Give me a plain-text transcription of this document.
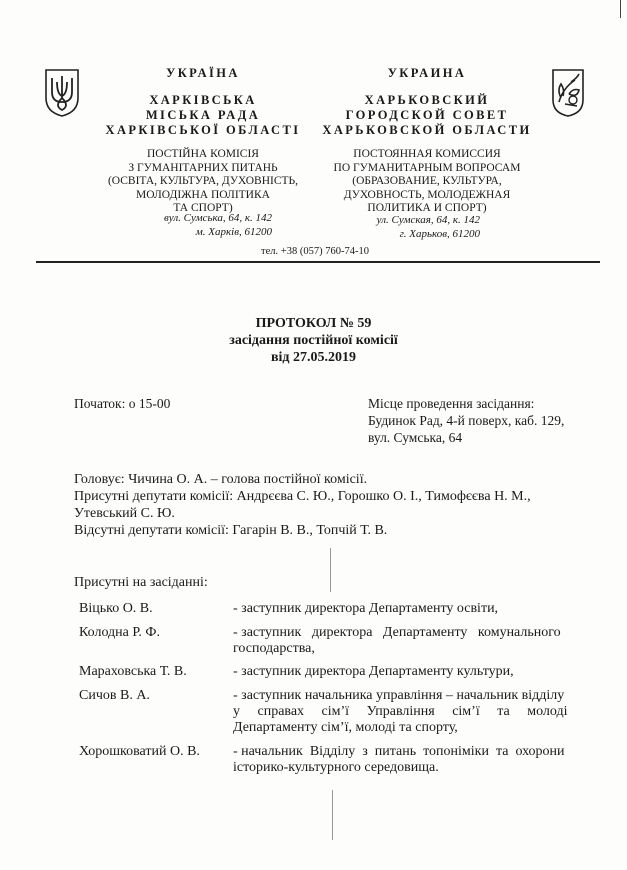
УКРАЇНА
ХАРКІВСЬКА
МІСЬКА РАДА
ХАРКІВСЬКОЇ ОБЛАСТІ
ПОСТІЙНА КОМІСІЯ
З ГУМАНІТАРНИХ ПИТАНЬ
(ОСВІТА, КУЛЬТУРА, ДУХОВНІСТЬ,
МОЛОДІЖНА ПОЛІТИКА
ТА СПОРТ)
вул. Сумська, 64, к. 142
м. Харків, 61200
УКРАИНА
ХАРЬКОВСКИЙ
ГОРОДСКОЙ СОВЕТ
ХАРЬКОВСКОЙ ОБЛАСТИ
ПОСТОЯННАЯ КОМИССИЯ
ПО ГУМАНИТАРНЫМ ВОПРОСАМ
(ОБРАЗОВАНИЕ, КУЛЬТУРА,
ДУХОВНОСТЬ, МОЛОДЕЖНАЯ
ПОЛИТИКА И СПОРТ)
ул. Сумская, 64, к. 142
г. Харьков, 61200
тел. +38 (057) 760-74-10
ПРОТОКОЛ № 59
засідання постійної комісії
від 27.05.2019
Початок: о 15-00	Місце проведення засідання:
Будинок Рад, 4-й поверх, каб. 129,
вул. Сумська, 64
Головує: Чичина О. А. – голова постійної комісії.
Присутні депутати комісії: Андрєєва С. Ю., Горошко О. І., Тимофєєва Н. М.,
Утевський С. Ю.
Відсутні депутати комісії: Гагарін В. В., Топчій Т. В.
Присутні на засіданні:
Віцько О. В.	- заступник директора Департаменту освіти,
Колодна Р. Ф.	- заступник   директора   Департаменту   комунального
господарства,
Мараховська Т. В.	- заступник директора Департаменту культури,
Сичов В. А.	- заступник начальника управління – начальник відділу
у     справах     сім’ї     Управління     сім’ї     та     молоді
Департаменту сім’ї, молоді та спорту,
Хорошковатий О. В. - начальник  Відділу  з  питань  топоніміки  та  охорони
історико-культурного середовища.
